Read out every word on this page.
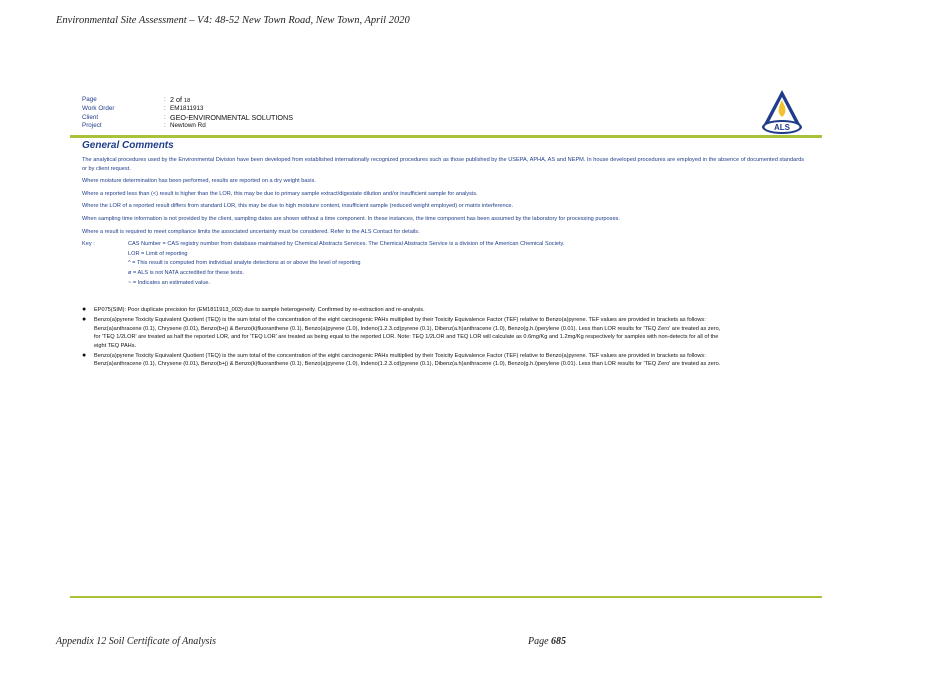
Environmental Site Assessment – V4: 48-52 New Town Road, New Town, April 2020
Page	: 2 of 18
Work Order	: EM1811913
Client	: GEO-ENVIRONMENTAL SOLUTIONS
Project	: Newtown Rd	ALS
General Comments

The analytical procedures used by the Environmental Division have been developed from established internationally recognized procedures such as those published by the USEPA, APHA, AS and NEPM. In house developed procedures are employed in the absence of documented standards or by client request.

Where moisture determination has been performed, results are reported on a dry weight basis.

Where a reported less than (<) result is higher than the LOR, this may be due to primary sample extract/digestate dilution and/or insufficient sample for analysis.

Where the LOR of a reported result differs from standard LOR, this may be due to high moisture content, insufficient sample (reduced weight employed) or matrix interference.

When sampling time information is not provided by the client, sampling dates are shown without a time component. In these instances, the time component has been assumed by the laboratory for processing purposes.

Where a result is required to meet compliance limits the associated uncertainty must be considered. Refer to the ALS Contact for details.

Key :	CAS Number = CAS registry number from database maintained by Chemical Abstracts Services. The Chemical Abstracts Service is a division of the American Chemical Society.
LOR = Limit of reporting
^ = This result is computed from individual analyte detections at or above the level of reporting
ø = ALS is not NATA accredited for these tests.
~ = Indicates an estimated value.
●	EP075(SIM): Poor duplicate precision for (EM1811913_003) due to sample heterogeneity. Confirmed by re-extraction and re-analysis.
●	Benzo(a)pyrene Toxicity Equivalent Quotient (TEQ) is the sum total of the concentration of the eight carcinogenic PAHs multiplied by their Toxicity Equivalence Factor (TEF) relative to Benzo(a)pyrene. TEF values are provided in brackets as follows: Benz(a)anthracene (0.1), Chrysene (0.01), Benzo(b+j) & Benzo(k)fluoranthene (0.1), Benzo(a)pyrene (1.0), Indeno(1.2.3.cd)pyrene (0.1), Dibenz(a.h)anthracene (1.0), Benzo(g.h.i)perylene (0.01). Less than LOR results for 'TEQ Zero' are treated as zero, for 'TEQ 1/2LOR' are treated as half the reported LOR, and for 'TEQ LOR' are treated as being equal to the reported LOR. Note: TEQ 1/2LOR and TEQ LOR will calculate as 0.6mg/Kg and 1.2mg/Kg respectively for samples with non-detects for all of the eight TEQ PAHs.
●	Benzo(a)pyrene Toxicity Equivalent Quotient (TEQ) is the sum total of the concentration of the eight carcinogenic PAHs multiplied by their Toxicity Equivalence Factor (TEF) relative to Benzo(a)pyrene. TEF values are provided in brackets as follows: Benz(a)anthracene (0.1), Chrysene (0.01), Benzo(b+j) & Benzo(k)fluoranthene (0.1), Benzo(a)pyrene (1.0), Indeno(1.2.3.cd)pyrene (0.1), Dibenz(a.h)anthracene (1.0), Benzo(g.h.i)perylene (0.01). Less than LOR results for 'TEQ Zero' are treated as zero.
Appendix 12 Soil Certificate of Analysis	Page 685
